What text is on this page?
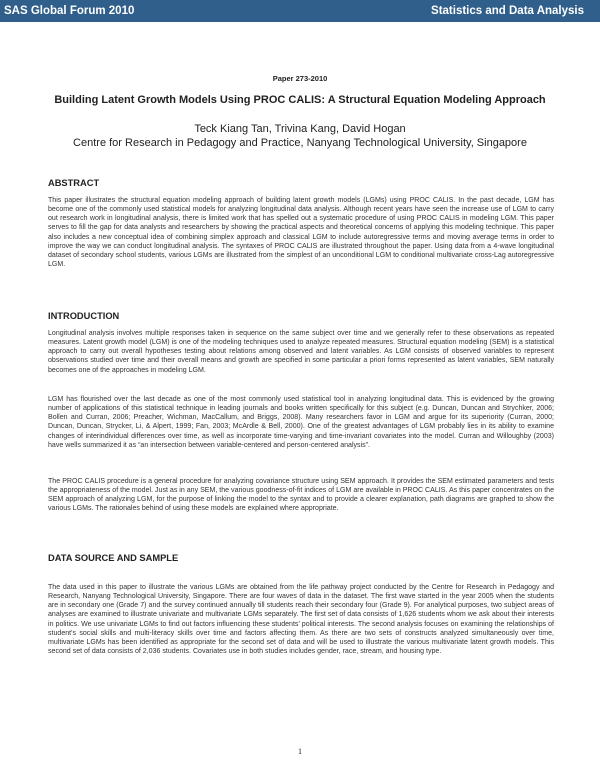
SAS Global Forum 2010	Statistics and Data Analysis
Paper 273-2010
Building Latent Growth Models Using PROC CALIS: A Structural Equation Modeling Approach
Teck Kiang Tan, Trivina Kang, David Hogan
Centre for Research in Pedagogy and Practice, Nanyang Technological University, Singapore
ABSTRACT
This paper illustrates the structural equation modeling approach of building latent growth models (LGMs) using PROC CALIS. In the past decade, LGM has become one of the commonly used statistical models for analyzing longitudinal data analysis. Although recent years have seen the increase use of LGM to carry out research work in longitudinal analysis, there is limited work that has spelled out a systematic procedure of using PROC CALIS in modeling LGM. This paper serves to fill the gap for data analysts and researchers by showing the practical aspects and theoretical concerns of applying this modeling technique. This paper also includes a new conceptual idea of combining simplex approach and classical LGM to include autoregressive terms and moving average terms in order to improve the way we can conduct longitudinal analysis. The syntaxes of PROC CALIS are illustrated throughout the paper. Using data from a 4-wave longitudinal dataset of secondary school students, various LGMs are illustrated from the simplest of an unconditional LGM to conditional multivariate cross-Lag autoregressive LGM.
INTRODUCTION
Longitudinal analysis involves multiple responses taken in sequence on the same subject over time and we generally refer to these observations as repeated measures. Latent growth model (LGM) is one of the modeling techniques used to analyze repeated measures. Structural equation modeling (SEM) is a statistical approach to carry out overall hypotheses testing about relations among observed and latent variables. As LGM consists of observed variables to represent observations studied over time and their overall means and growth are specified in some particular a priori forms represented as latent variables, SEM naturally becomes one of the approaches in modeling LGM.
LGM has flourished over the last decade as one of the most commonly used statistical tool in analyzing longitudinal data. This is evidenced by the growing number of applications of this statistical technique in leading journals and books written specifically for this subject (e.g. Duncan, Duncan and Strychker, 2006; Bollen and Curran, 2006; Preacher, Wichman, MacCallum, and Briggs, 2008). Many researchers favor in LGM and argue for its superiority (Curran, 2000; Duncan, Duncan, Strycker, Li, & Alpert, 1999; Fan, 2003; McArdle & Bell, 2000). One of the greatest advantages of LGM probably lies in its ability to examine changes of interindividual differences over time, as well as incorporate time-varying and time-invariant covariates into the model. Curran and Willoughby (2003) have wells summarized it as “an intersection between variable-centered and person-centered analysis”.
The PROC CALIS procedure is a general procedure for analyzing covariance structure using SEM approach. It provides the SEM estimated parameters and tests the appropriateness of the model. Just as in any SEM, the various goodness-of-fit indices of LGM are available in PROC CALIS. As this paper concentrates on the SEM approach of analyzing LGM, for the purpose of linking the model to the syntax and to provide a clearer explanation, path diagrams are graphed to show the various LGMs. The rationales behind of using these models are explained where appropriate.
DATA SOURCE AND SAMPLE
The data used in this paper to illustrate the various LGMs are obtained from the life pathway project conducted by the Centre for Research in Pedagogy and Research, Nanyang Technological University, Singapore. There are four waves of data in the dataset. The first wave started in the year 2005 when the students are in secondary one (Grade 7) and the survey continued annually till students reach their secondary four (Grade 9). For analytical purposes, two subject areas of analyses are examined to illustrate univariate and multivariate LGMs separately. The first set of data consists of 1,626 students whom we ask about their interests in politics. We use univariate LGMs to find out factors influencing these students’ political interests. The second analysis focuses on examining the relationships of student's social skills and multi-literacy skills over time and factors affecting them. As there are two sets of constructs analyzed simultaneously over time, multivariate LGMs has been identified as appropriate for the second set of data and will be used to illustrate the various multivariate latent growth models. This second set of data consists of 2,036 students. Covariates use in both studies includes gender, race, stream, and housing type.
1
